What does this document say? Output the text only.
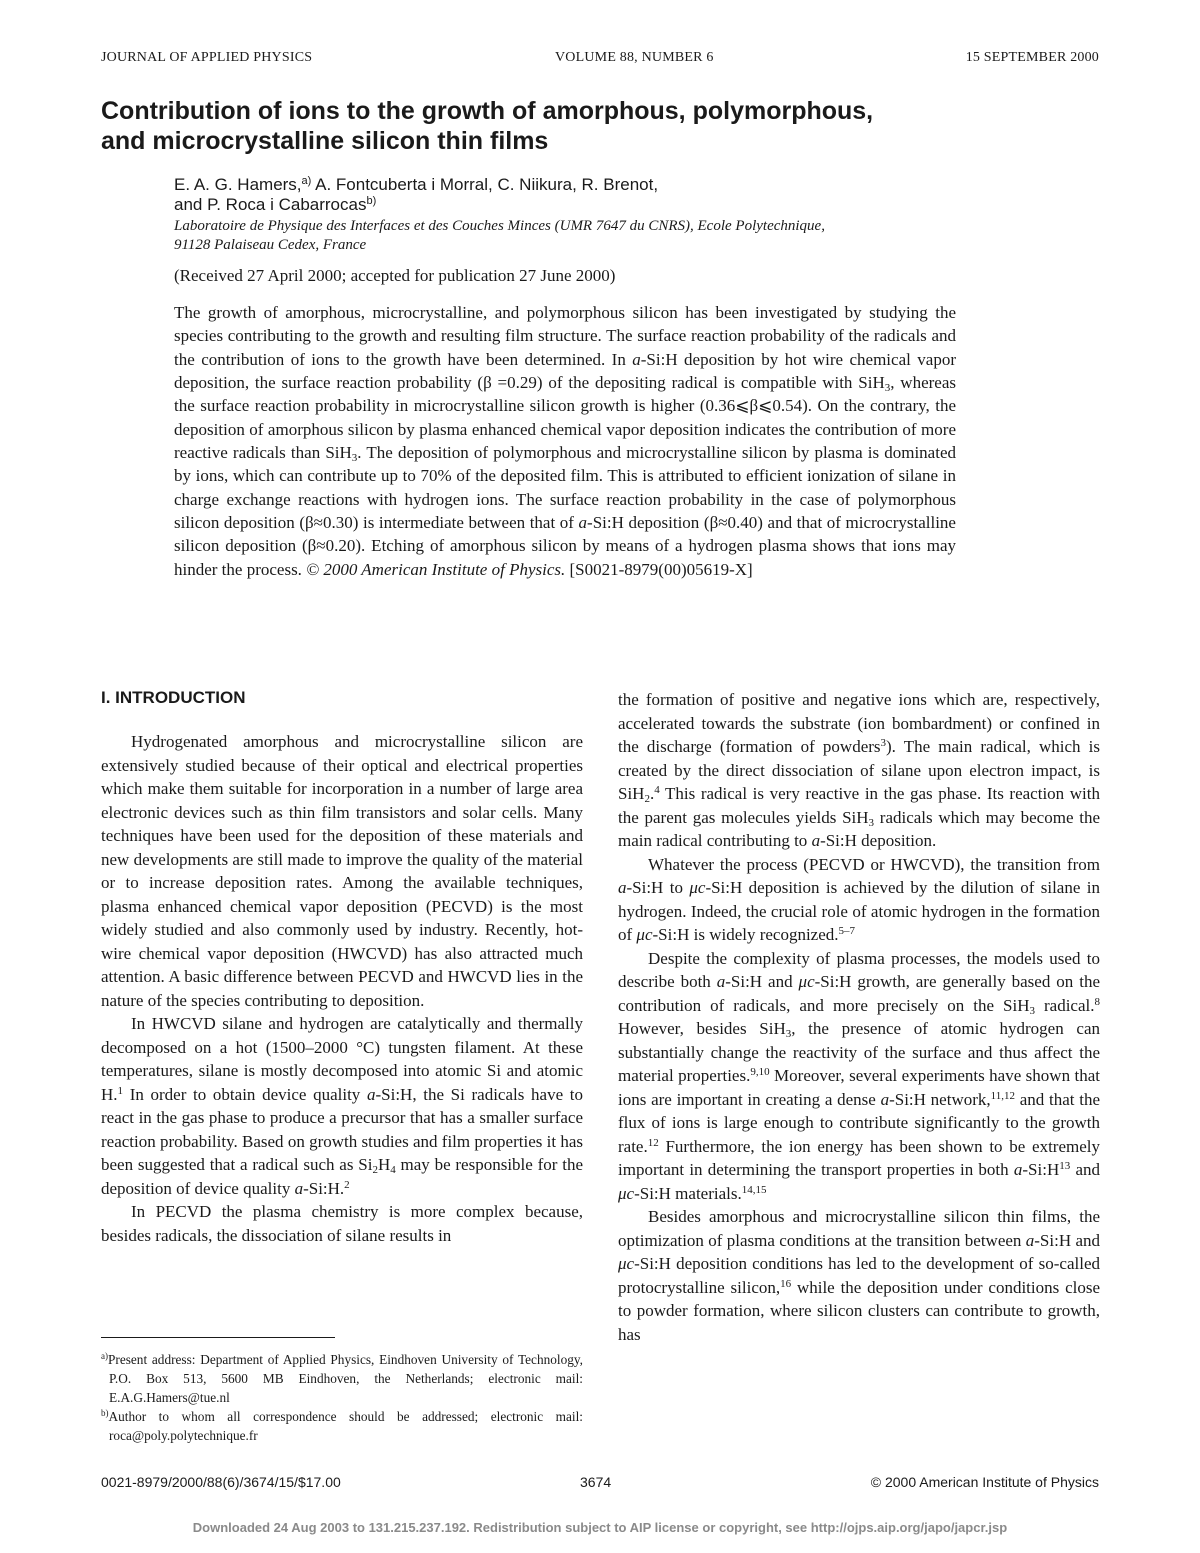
JOURNAL OF APPLIED PHYSICS	VOLUME 88, NUMBER 6	15 SEPTEMBER 2000
Contribution of ions to the growth of amorphous, polymorphous,
and microcrystalline silicon thin films
E. A. G. Hamers,$^{a)}$ A. Fontcuberta i Morral, C. Niikura, R. Brenot,
and P. Roca i Cabarrocas$^{b)}$
Laboratoire de Physique des Interfaces et des Couches Minces (UMR 7647 du CNRS), Ecole Polytechnique,
91128 Palaiseau Cedex, France
(Received 27 April 2000; accepted for publication 27 June 2000)
The growth of amorphous, microcrystalline, and polymorphous silicon has been investigated by studying the species contributing to the growth and resulting film structure. The surface reaction probability of the radicals and the contribution of ions to the growth have been determined. In a-Si:H deposition by hot wire chemical vapor deposition, the surface reaction probability (β =0.29) of the depositing radical is compatible with SiH$_3$, whereas the surface reaction probability in microcrystalline silicon growth is higher (0.36⩽β⩽0.54). On the contrary, the deposition of amorphous silicon by plasma enhanced chemical vapor deposition indicates the contribution of more reactive radicals than SiH$_3$. The deposition of polymorphous and microcrystalline silicon by plasma is dominated by ions, which can contribute up to 70% of the deposited film. This is attributed to efficient ionization of silane in charge exchange reactions with hydrogen ions. The surface reaction probability in the case of polymorphous silicon deposition (β≈0.30) is intermediate between that of a-Si:H deposition (β≈0.40) and that of microcrystalline silicon deposition (β≈0.20). Etching of amorphous silicon by means of a hydrogen plasma shows that ions may hinder the process. © 2000 American Institute of Physics. [S0021-8979(00)05619-X]
I. INTRODUCTION

Hydrogenated amorphous and microcrystalline silicon are extensively studied because of their optical and electrical properties which make them suitable for incorporation in a number of large area electronic devices such as thin film transistors and solar cells. Many techniques have been used for the deposition of these materials and new developments are still made to improve the quality of the material or to increase deposition rates. Among the available techniques, plasma enhanced chemical vapor deposition (PECVD) is the most widely studied and also commonly used by industry. Recently, hot-wire chemical vapor deposition (HWCVD) has also attracted much attention. A basic difference between PECVD and HWCVD lies in the nature of the species contributing to deposition.

In HWCVD silane and hydrogen are catalytically and thermally decomposed on a hot (1500–2000 °C) tungsten filament. At these temperatures, silane is mostly decomposed into atomic Si and atomic H.$^1$ In order to obtain device quality a-Si:H, the Si radicals have to react in the gas phase to produce a precursor that has a smaller surface reaction probability. Based on growth studies and film properties it has been suggested that a radical such as $Si_2H_4$ may be responsible for the deposition of device quality a-Si:H.$^2$

In PECVD the plasma chemistry is more complex because, besides radicals, the dissociation of silane results in

the formation of positive and negative ions which are, respectively, accelerated towards the substrate (ion bombardment) or confined in the discharge (formation of powders$^3$). The main radical, which is created by the direct dissociation of silane upon electron impact, is SiH$_2$.$^4$ This radical is very reactive in the gas phase. Its reaction with the parent gas molecules yields SiH$_3$ radicals which may become the main radical contributing to a-Si:H deposition.

Whatever the process (PECVD or HWCVD), the transition from a-Si:H to μc-Si:H deposition is achieved by the dilution of silane in hydrogen. Indeed, the crucial role of atomic hydrogen in the formation of μc-Si:H is widely recognized.$^{5-7}$

Despite the complexity of plasma processes, the models used to describe both a-Si:H and μc-Si:H growth, are generally based on the contribution of radicals, and more precisely on the SiH$_3$ radical.$^8$ However, besides SiH$_3$, the presence of atomic hydrogen can substantially change the reactivity of the surface and thus affect the material properties.$^{9,10}$ Moreover, several experiments have shown that ions are important in creating a dense a-Si:H network,$^{11,12}$ and that the flux of ions is large enough to contribute significantly to the growth rate.$^{12}$ Furthermore, the ion energy has been shown to be extremely important in determining the transport properties in both $a-Si:H^{13}$ and μc-Si:H materials.$^{14,15}$

Besides amorphous and microcrystalline silicon thin films, the optimization of plasma conditions at the transition between a-Si:H and μc-Si:H deposition conditions has led to the development of so-called protocrystalline silicon,$^{16}$ while the deposition under conditions close to powder formation, where silicon clusters can contribute to growth, has

$^{a)}$Present address: Department of Applied Physics, Eindhoven University of Technology, P.O. Box 513, 5600 MB Eindhoven, the Netherlands; electronic mail: E.A.G.Hamers@tue.nl

$^{b)}$Author to whom all correspondence should be addressed; electronic mail: roca@poly.polytechnique.fr

0021-8979/2000/88(6)/3674/15/$17.00	3674	© 2000 American Institute of Physics
Downloaded 24 Aug 2003 to 131.215.237.192. Redistribution subject to AIP license or copyright, see http://ojps.aip.org/japo/japcr.jsp
